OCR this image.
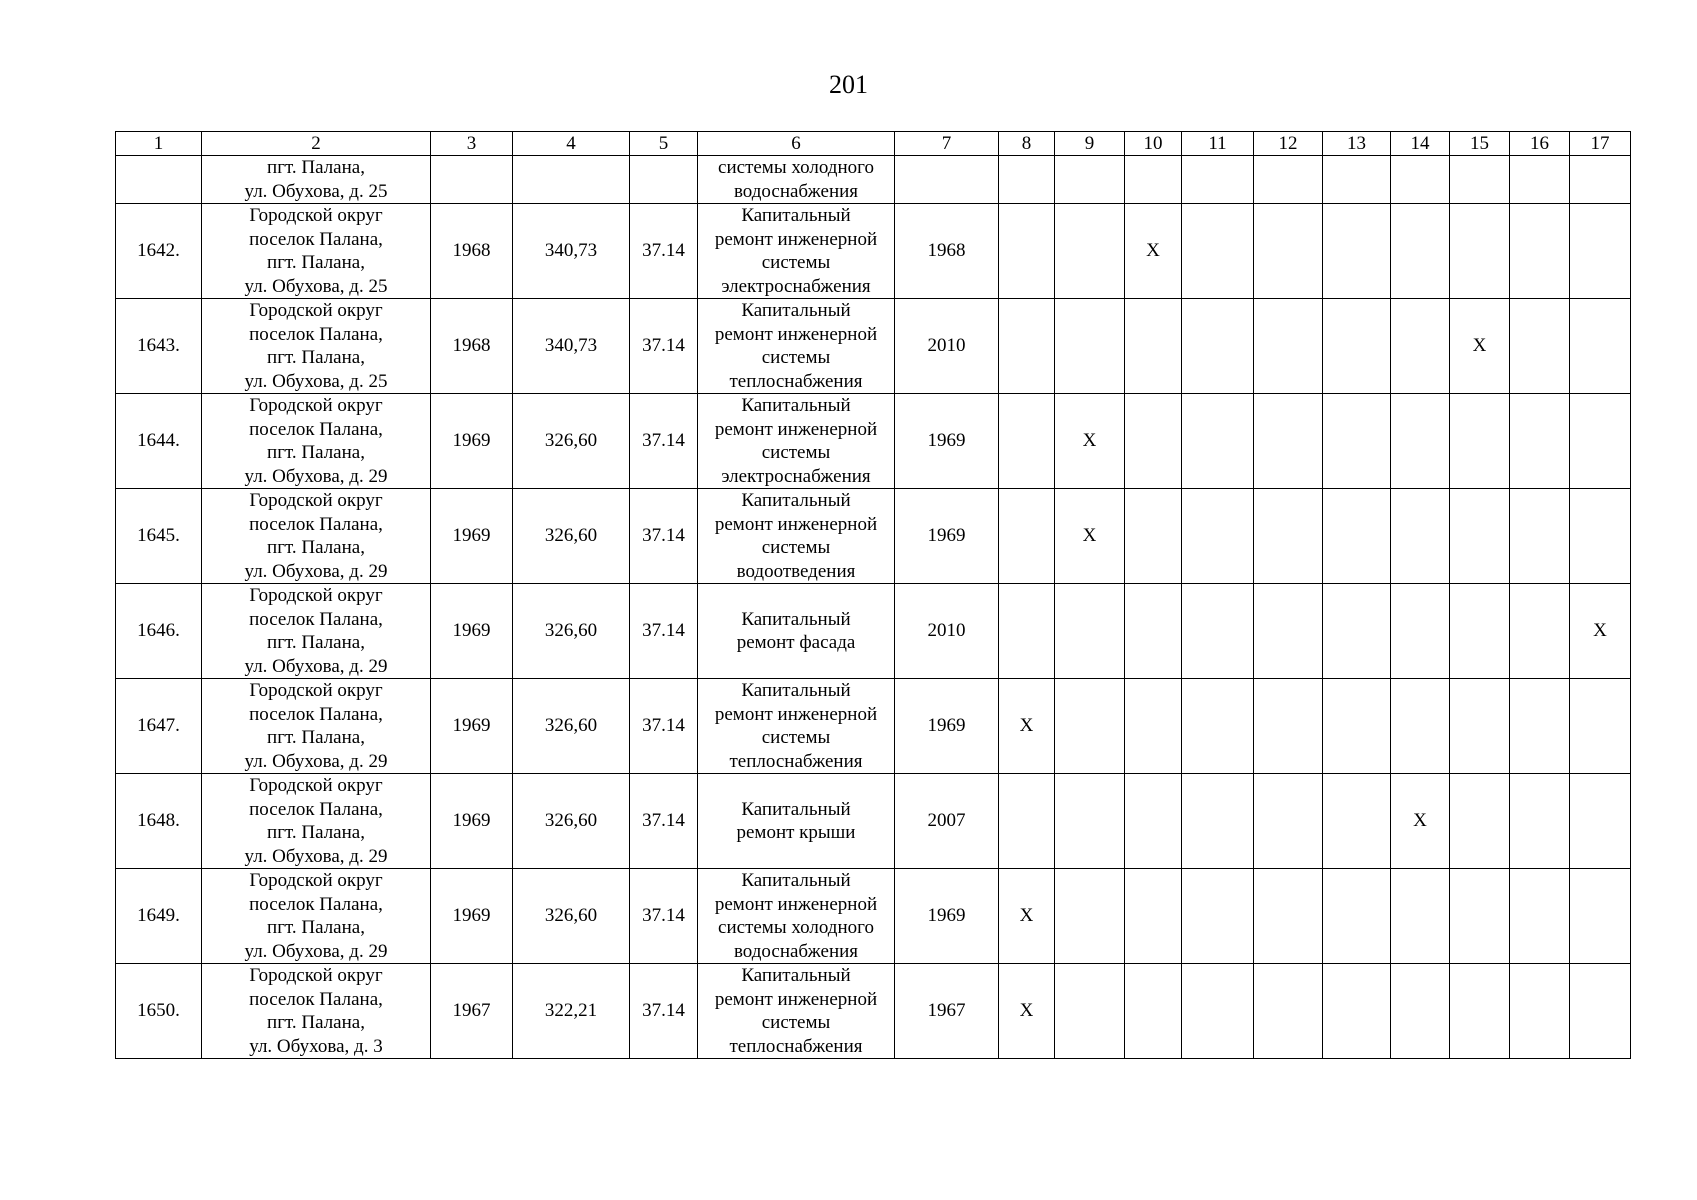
201
1	2	3	4	5	6	7	8	9	10	11	12	13	14	15	16	17
	пгт. Палана,
ул. Обухова, д. 25				системы холодного
водоснабжения											
1642.	Городской округ
поселок Палана,
пгт. Палана,
ул. Обухова, д. 25	1968	340,73	37.14	Капитальный
ремонт инженерной
системы
электроснабжения	1968			X							
1643.	Городской округ
поселок Палана,
пгт. Палана,
ул. Обухова, д. 25	1968	340,73	37.14	Капитальный
ремонт инженерной
системы
теплоснабжения	2010								X		
1644.	Городской округ
поселок Палана,
пгт. Палана,
ул. Обухова, д. 29	1969	326,60	37.14	Капитальный
ремонт инженерной
системы
электроснабжения	1969		X								
1645.	Городской округ
поселок Палана,
пгт. Палана,
ул. Обухова, д. 29	1969	326,60	37.14	Капитальный
ремонт инженерной
системы
водоотведения	1969		X								
1646.	Городской округ
поселок Палана,
пгт. Палана,
ул. Обухова, д. 29	1969	326,60	37.14	Капитальный
ремонт фасада	2010										X
1647.	Городской округ
поселок Палана,
пгт. Палана,
ул. Обухова, д. 29	1969	326,60	37.14	Капитальный
ремонт инженерной
системы
теплоснабжения	1969	X									
1648.	Городской округ
поселок Палана,
пгт. Палана,
ул. Обухова, д. 29	1969	326,60	37.14	Капитальный
ремонт крыши	2007							X			
1649.	Городской округ
поселок Палана,
пгт. Палана,
ул. Обухова, д. 29	1969	326,60	37.14	Капитальный
ремонт инженерной
системы холодного
водоснабжения	1969	X									
1650.	Городской округ
поселок Палана,
пгт. Палана,
ул. Обухова, д. 3	1967	322,21	37.14	Капитальный
ремонт инженерной
системы
теплоснабжения	1967	X									
